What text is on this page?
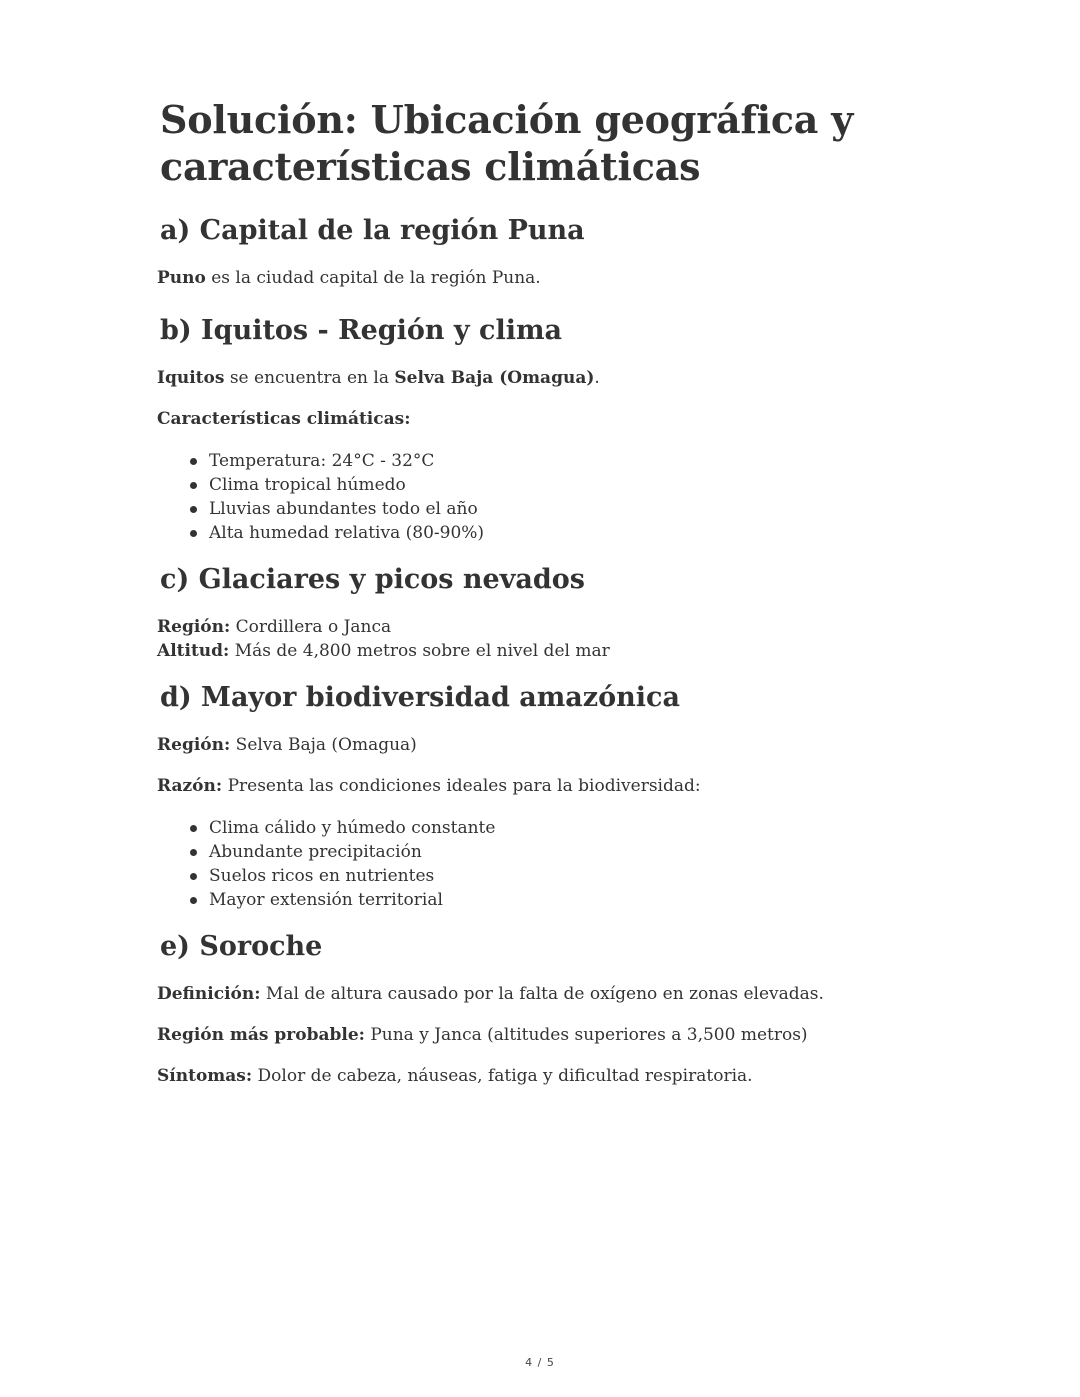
Solución: Ubicación geográfica y características climáticas
a) Capital de la región Puna

Puno es la ciudad capital de la región Puna.

b) Iquitos - Región y clima

Iquitos se encuentra en la Selva Baja (Omagua).

Características climáticas:

Temperatura: 24°C - 32°C
Clima tropical húmedo
Lluvias abundantes todo el año
Alta humedad relativa (80-90%)
c) Glaciares y picos nevados

Región: Cordillera o Janca

Altitud: Más de 4,800 metros sobre el nivel del mar

d) Mayor biodiversidad amazónica

Región: Selva Baja (Omagua)

Razón: Presenta las condiciones ideales para la biodiversidad:

Clima cálido y húmedo constante
Abundante precipitación
Suelos ricos en nutrientes
Mayor extensión territorial
e) Soroche

Definición: Mal de altura causado por la falta de oxígeno en zonas elevadas.

Región más probable: Puna y Janca (altitudes superiores a 3,500 metros)

Síntomas: Dolor de cabeza, náuseas, fatiga y dificultad respiratoria.

4 / 5
